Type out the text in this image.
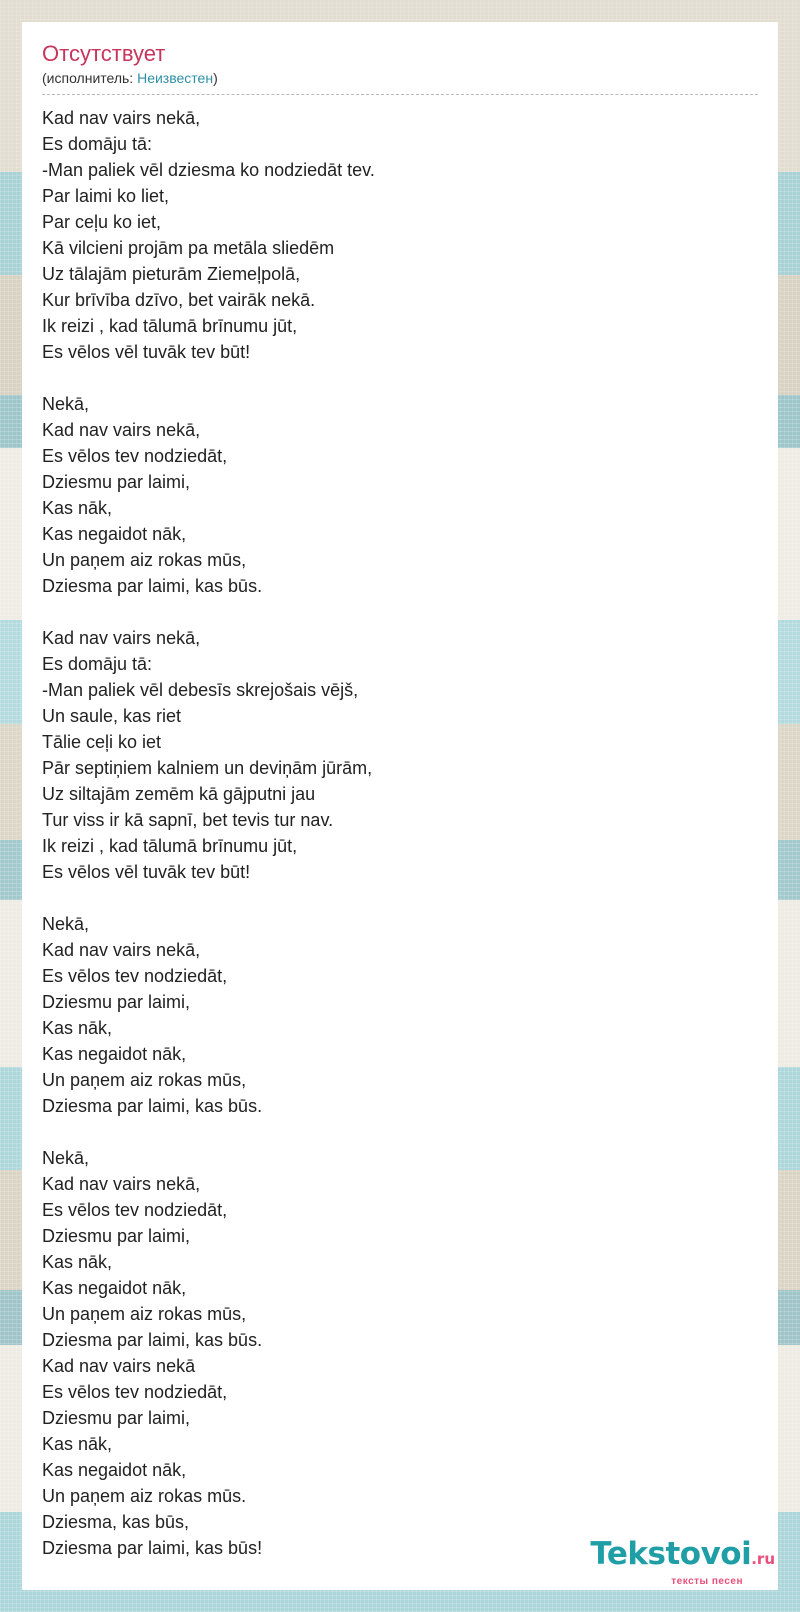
Отсутствует
(исполнитель: Неизвестен)
Kad nav vairs nekā,
Es domāju tā:
-Man paliek vēl dziesma ko nodziedāt tev.
Par laimi ko liet,
Par ceļu ko iet,
Kā vilcieni projām pa metāla sliedēm
Uz tālajām pieturām Ziemeļpolā,
Kur brīvība dzīvo, bet vairāk nekā.
Ik reizi , kad tālumā brīnumu jūt,
Es vēlos vēl tuvāk tev būt!
Nekā,
Kad nav vairs nekā,
Es vēlos tev nodziedāt,
Dziesmu par laimi,
Kas nāk,
Kas negaidot nāk,
Un paņem aiz rokas mūs,
Dziesma par laimi, kas būs.
Kad nav vairs nekā,
Es domāju tā:
-Man paliek vēl debesīs skrejošais vējš,
Un saule, kas riet
Tālie ceļi ko iet
Pār septiņiem kalniem un deviņām jūrām,
Uz siltajām zemēm kā gājputni jau
Tur viss ir kā sapnī, bet tevis tur nav.
Ik reizi , kad tālumā brīnumu jūt,
Es vēlos vēl tuvāk tev būt!
Nekā,
Kad nav vairs nekā,
Es vēlos tev nodziedāt,
Dziesmu par laimi,
Kas nāk,
Kas negaidot nāk,
Un paņem aiz rokas mūs,
Dziesma par laimi, kas būs.
Nekā,
Kad nav vairs nekā,
Es vēlos tev nodziedāt,
Dziesmu par laimi,
Kas nāk,
Kas negaidot nāk,
Un paņem aiz rokas mūs,
Dziesma par laimi, kas būs.
Kad nav vairs nekā
Es vēlos tev nodziedāt,
Dziesmu par laimi,
Kas nāk,
Kas negaidot nāk,
Un paņem aiz rokas mūs.
Dziesma, kas būs,
Dziesma par laimi, kas būs!	Tekstovoi.ru
тексты песен
